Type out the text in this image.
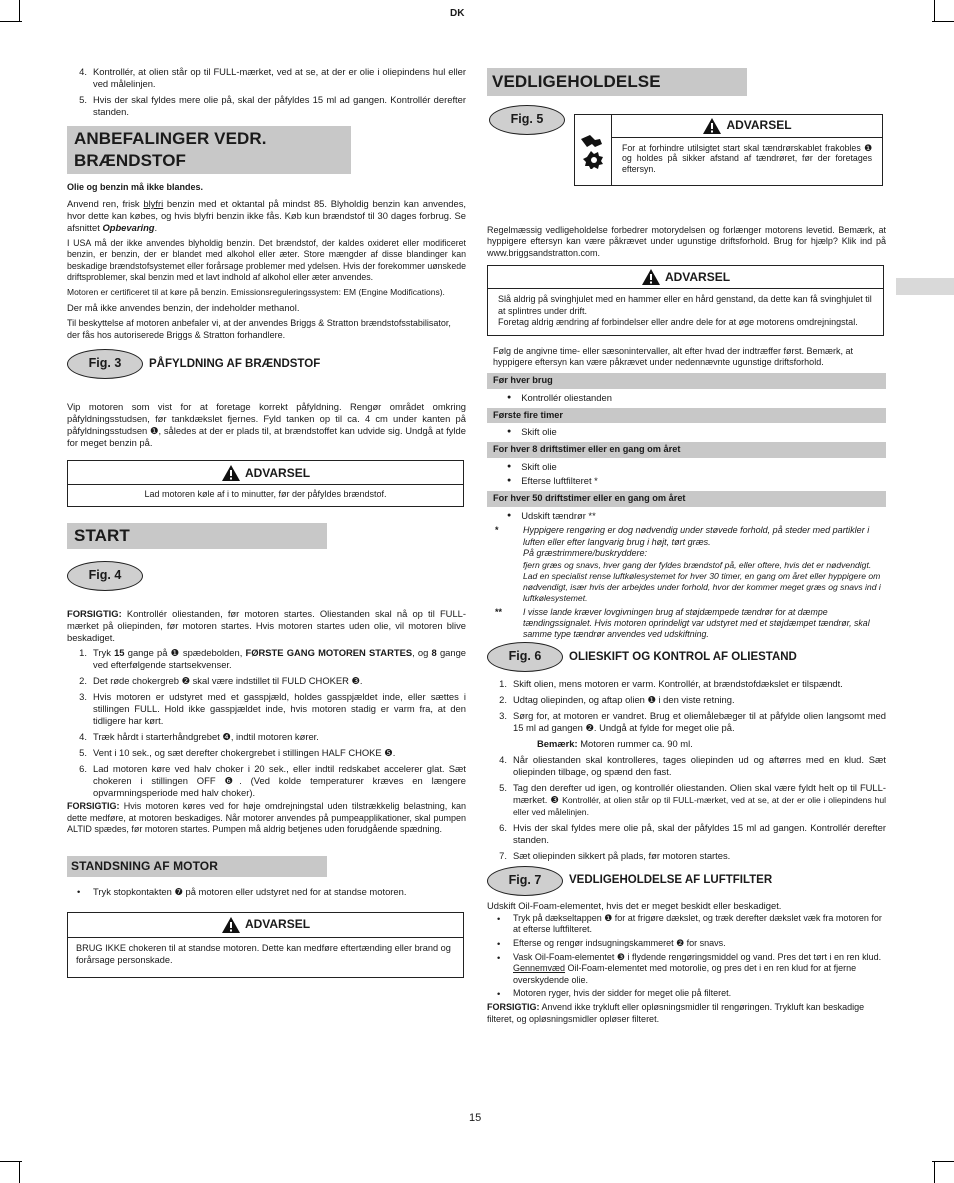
DK
15
4. Kontrollér, at olien står op til FULL-mærket, ved at se, at der er olie i oliepindens hul eller ved målelinjen.
5. Hvis der skal fyldes mere olie på, skal der påfyldes 15 ml ad gangen. Kontrollér derefter standen.
ANBEFALINGER VEDR. BRÆNDSTOF

Olie og benzin må ikke blandes.

Anvend ren, frisk blyfri benzin med et oktantal på mindst 85. Blyholdig benzin kan anvendes, hvor dette kan købes, og hvis blyfri benzin ikke fås. Køb kun brændstof til 30 dages forbrug. Se afsnittet Opbevaring.

I USA må der ikke anvendes blyholdig benzin. Det brændstof, der kaldes oxideret eller modificeret benzin, er benzin, der er blandet med alkohol eller æter. Store mængder af disse blandinger kan beskadige brændstofsystemet eller forårsage problemer med ydelsen. Hvis der forekommer uønskede driftsproblemer, skal benzin med et lavt indhold af alkohol eller æter anvendes.

Motoren er certificeret til at køre på benzin. Emissionsreguleringssystem: EM (Engine Modifications).

Der må ikke anvendes benzin, der indeholder methanol.

Til beskyttelse af motoren anbefaler vi, at der anvendes Briggs & Stratton brændstofsstabilisator, der fås hos autoriserede Briggs & Stratton forhandlere.

Fig. 3	PÅFYLDNING AF BRÆNDSTOF

Vip motoren som vist for at foretage korrekt påfyldning. Rengør området omkring påfyldningsstudsen, før tankdækslet fjernes. Fyld tanken op til ca. 4 cm under kanten på påfyldningsstudsen ❶, således at der er plads til, at brændstoffet kan udvide sig. Undgå at fylde for meget benzin på.

ADVARSEL
Lad motoren køle af i to minutter, før der påfyldes brændstof.
START
Fig. 4

FORSIGTIG: Kontrollér oliestanden, før motoren startes. Oliestanden skal nå op til FULL-mærket på oliepinden, før motoren startes. Hvis motoren startes uden olie, vil motoren blive beskadiget.

1. Tryk 15 gange på ❶ spædebolden, FØRSTE GANG MOTOREN STARTES, og 8 gange ved efterfølgende startsekvenser.
2. Det røde chokergreb ❷ skal være indstillet til FULD CHOKER ❸.
3. Hvis motoren er udstyret med et gasspjæld, holdes gasspjældet inde, eller sættes i stillingen FULL. Hold ikke gasspjældet inde, hvis motoren stadig er varm fra, at den tidligere har kørt.
4. Træk hårdt i starterhåndgrebet ❹, indtil motoren kører.
5. Vent i 10 sek., og sæt derefter chokergrebet i stillingen HALF CHOKE ❺.
6. Lad motoren køre ved halv choker i 20 sek., eller indtil redskabet accelerer glat. Sæt chokeren i stillingen OFF ❻. (Ved kolde temperaturer kræves en længere opvarmningsperiode med halv choker).

FORSIGTIG: Hvis motoren køres ved for høje omdrejningstal uden tilstrækkelig belastning, kan dette medføre, at motoren beskadiges. Når motorer anvendes på pumpeapplikationer, skal pumpen ALTID spædes, før motoren startes. Pumpen må aldrig betjenes uden forudgående spædning.

STANDSNING AF MOTOR
•	Tryk stopkontakten ❼ på motoren eller udstyret ned for at standse motoren.
ADVARSEL
BRUG IKKE chokeren til at standse motoren. Dette kan medføre eftertænding eller brand og forårsage personskade.
VEDLIGEHOLDELSE
Fig. 5	ADVARSEL
For at forhindre utilsigtet start skal tændrørskablet frakobles ❶ og holdes på sikker afstand af tændrøret, før der foretages eftersyn.

Regelmæssig vedligeholdelse forbedrer motorydelsen og forlænger motorens levetid. Bemærk, at hyppigere eftersyn kan være påkrævet under ugunstige driftsforhold. Brug for hjælp? Klik ind på www.briggsandstratton.com.

ADVARSEL

Slå aldrig på svinghjulet med en hammer eller en hård genstand, da dette kan få svinghjulet til at splintres under drift.

Foretag aldrig ændring af forbindelser eller andre dele for at øge motorens omdrejningstal.

Følg de angivne time- eller sæsonintervaller, alt efter hvad der indtræffer først. Bemærk, at hyppigere eftersyn kan være påkrævet under nedennævnte ugunstige driftsforhold.

Før hver brug
● Kontrollér oliestanden
Første fire timer
● Skift olie
For hver 8 driftstimer eller en gang om året
● Skift olie
● Efterse luftfilteret *
For hver 50 driftstimer eller en gang om året
● Udskift tændrør **
*	Hyppigere rengøring er dog nødvendig under støvede forhold, på steder med partikler i luften eller efter langvarig brug i højt, tørt græs.

På græstrimmere/buskryddere:

fjern græs og snavs, hver gang der fyldes brændstof på, eller oftere, hvis det er nødvendigt. Lad en specialist rense luftkølesystemet for hver 30 timer, en gang om året eller hyppigere om nødvendigt, især hvis der arbejdes under forhold, hvor der kommer meget græs og snavs ind i luftkølesystemet.

**	I visse lande kræver lovgivningen brug af støjdæmpede tændrør for at dæmpe tændingssignalet. Hvis motoren oprindeligt var udstyret med et støjdæmpet tændrør, skal samme type tændrør anvendes ved udskiftning.

Fig. 6	OLIESKIFT OG KONTROL AF OLIESTAND
1. Skift olien, mens motoren er varm. Kontrollér, at brændstofdækslet er tilspændt.
2. Udtag oliepinden, og aftap olien ❶ i den viste retning.
3. Sørg for, at motoren er vandret. Brug et oliemålebæger til at påfylde olien langsomt med 15 ml ad gangen ❷. Undgå at fylde for meget olie på.
Bemærk: Motoren rummer ca. 90 ml.
4. Når oliestanden skal kontrolleres, tages oliepinden ud og aftørres med en klud. Sæt oliepinden tilbage, og spænd den fast.
5. Tag den derefter ud igen, og kontrollér oliestanden. Olien skal være fyldt helt op til FULL-mærket. ❸ Kontrollér, at olien står op til FULL-mærket, ved at se, at der er olie i oliepindens hul eller ved målelinjen.
6. Hvis der skal fyldes mere olie på, skal der påfyldes 15 ml ad gangen. Kontrollér derefter standen.
7. Sæt oliepinden sikkert på plads, før motoren startes.
Fig. 7	VEDLIGEHOLDELSE AF LUFTFILTER

Udskift Oil-Foam-elementet, hvis det er meget beskidt eller beskadiget.

•	Tryk på dækseltappen ❶ for at frigøre dækslet, og træk derefter dækslet væk fra motoren for at efterse luftfilteret.
•	Efterse og rengør indsugningskammeret ❷ for snavs.
•	Vask Oil-Foam-elementet ❸ i flydende rengøringsmiddel og vand. Pres det tørt i en ren klud. Gennemvæd Oil-Foam-elementet med motorolie, og pres det i en ren klud for at fjerne overskydende olie.
•	Motoren ryger, hvis der sidder for meget olie på filteret.

FORSIGTIG: Anvend ikke trykluft eller opløsningsmidler til rengøringen. Trykluft kan beskadige filteret, og opløsningsmidler opløser filteret.
